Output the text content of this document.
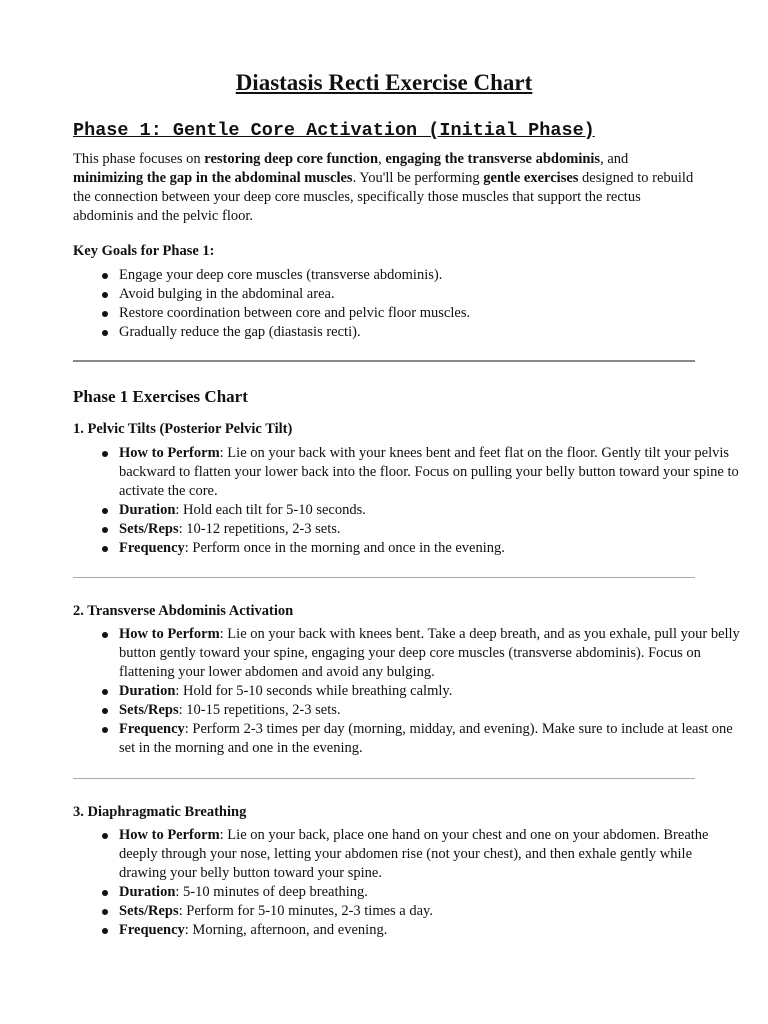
Diastasis Recti Exercise Chart
Phase 1: Gentle Core Activation (Initial Phase)

This phase focuses on restoring deep core function, engaging the transverse abdominis, and minimizing the gap in the abdominal muscles. You'll be performing gentle exercises designed to rebuild the connection between your deep core muscles, specifically those muscles that support the rectus abdominis and the pelvic floor.

Key Goals for Phase 1:

Engage your deep core muscles (transverse abdominis).
Avoid bulging in the abdominal area.
Restore coordination between core and pelvic floor muscles.
Gradually reduce the gap (diastasis recti).
Phase 1 Exercises Chart
1. Pelvic Tilts (Posterior Pelvic Tilt)
How to Perform: Lie on your back with your knees bent and feet flat on the floor. Gently tilt your pelvis backward to flatten your lower back into the floor. Focus on pulling your belly button toward your spine to activate the core.
Duration: Hold each tilt for 5-10 seconds.
Sets/Reps: 10-12 repetitions, 2-3 sets.
Frequency: Perform once in the morning and once in the evening.
2. Transverse Abdominis Activation
How to Perform: Lie on your back with knees bent. Take a deep breath, and as you exhale, pull your belly button gently toward your spine, engaging your deep core muscles (transverse abdominis). Focus on flattening your lower abdomen and avoid any bulging.
Duration: Hold for 5-10 seconds while breathing calmly.
Sets/Reps: 10-15 repetitions, 2-3 sets.
Frequency: Perform 2-3 times per day (morning, midday, and evening). Make sure to include at least one set in the morning and one in the evening.
3. Diaphragmatic Breathing
How to Perform: Lie on your back, place one hand on your chest and one on your abdomen. Breathe deeply through your nose, letting your abdomen rise (not your chest), and then exhale gently while drawing your belly button toward your spine.
Duration: 5-10 minutes of deep breathing.
Sets/Reps: Perform for 5-10 minutes, 2-3 times a day.
Frequency: Morning, afternoon, and evening.
